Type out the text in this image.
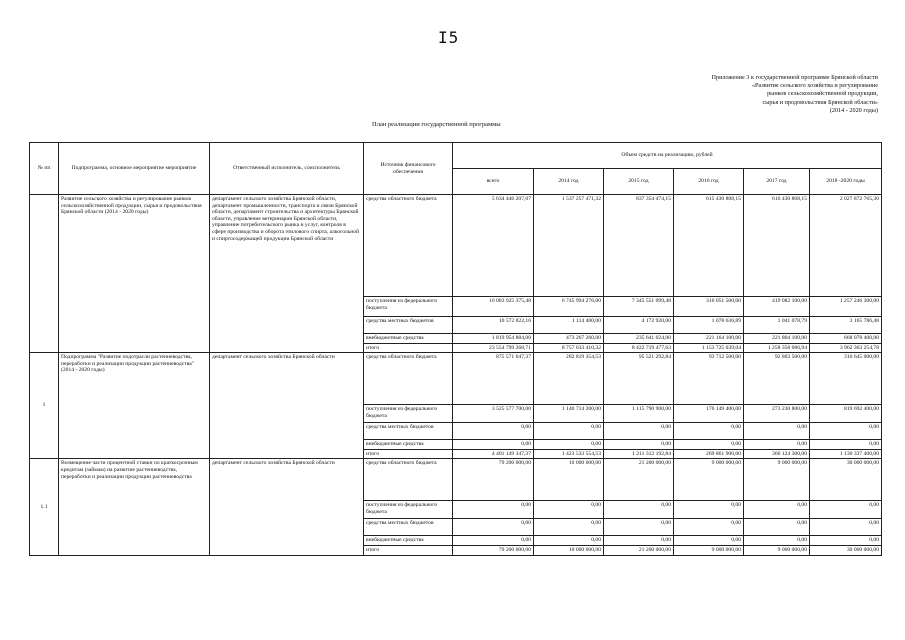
I5
Приложение 3 к государственной программе Брянской области
«Развитие сельского хозяйства и регулирование
рынков сельскохозяйственной продукции,
сырья и продовольствия Брянской области»
(2014 - 2020 годы)
План реализации государственной программы
№ пп	Подпрограмма, основное мероприятие мероприятие	Ответственный исполнитель, соисполнитель	Источник финансового обеспечения	Объем средств на реализацию, рублей					
				всего	2014 год	2015 год	2016 год	2017 год	2018 -2020 годы
	Развитие сельского хозяйства и регулирование рынков сельскохозяйственной продукции, сырья и продовольствия Брянской области (2014 - 2020 годы)	департамент сельского хозяйства Брянской области, департамент промышленности, транспорта и связи Брянской области, департамент строительства и архитектуры Брянской области, управление ветеринарии Брянской области, управление потребительского рынка и услуг, контроля в сфере производства и оборота этилового спирта, алкогольной и спиртосодержащей продукции Брянской области	средства областного бюджета	5 634 446 207,07	1 537 257 471,32	837 354 474,15	615 430 808,15	616 430 808,15	2 027 872 765,30
			поступления из федерального бюджета	16 083 925 375,48	6 745 994 276,00	7 345 551 099,48	316 051 500,00	419 082 100,00	1 257 246 300,00
			средства местных бюджетов	10 572 822,16	1 114 400,00	4 172 920,00	1 078 636,89	1 041 078,79	3 165 786,48
			внебюджетные средства	1 819 954 884,00	473 267 260,00	235 641 024,00	221 164 100,00	221 804 100,00	668 078 400,00
			итого	23 554 799 268,71	8 757 633 410,32	8 422 719 477,63	1 153 725 039,04	1 258 358 086,94	3 962 363 254,78
1	Подпрограмма "Развитие подотрасли растениеводства, переработки и реализации продукции растениеводства" (2014 - 2020 годы)	департамент сельского хозяйства Брянской области	средства областного бюджета	875 571 647,37	282 819 354,53	95 521 292,84	93 712 500,00	92 803 500,00	310 645 000,00
			поступления из федерального бюджета	3 525 577 700,00	1 140 714 200,00	1 115 790 900,00	176 149 400,00	273 230 800,00	819 692 400,00
			средства местных бюджетов	0,00	0,00	0,00	0,00	0,00	0,00
			внебюджетные средства	0,00	0,00	0,00	0,00	0,00	0,00
			итого	4 401 149 347,37	1 423 533 554,53	1 211 312 192,84	269 861 900,00	366 124 300,00	1 130 337 400,00
1.1	Возмещение части процентной ставки по краткосрочным кредитам (займам) на развитие растениеводства, переработки и реализации продукции растениеводства	департамент сельского хозяйства Брянской области	средства областного бюджета	79 200 000,00	10 000 000,00	21 200 000,00	9 000 000,00	9 000 000,00	30 000 000,00
			поступления из федерального бюджета	0,00	0,00	0,00	0,00	0,00	0,00
			средства местных бюджетов	0,00	0,00	0,00	0,00	0,00	0,00
			внебюджетные средства	0,00	0,00	0,00	0,00	0,00	0,00
			итого	79 200 000,00	10 000 000,00	21 200 000,00	9 000 000,00	9 000 000,00	30 000 000,00
